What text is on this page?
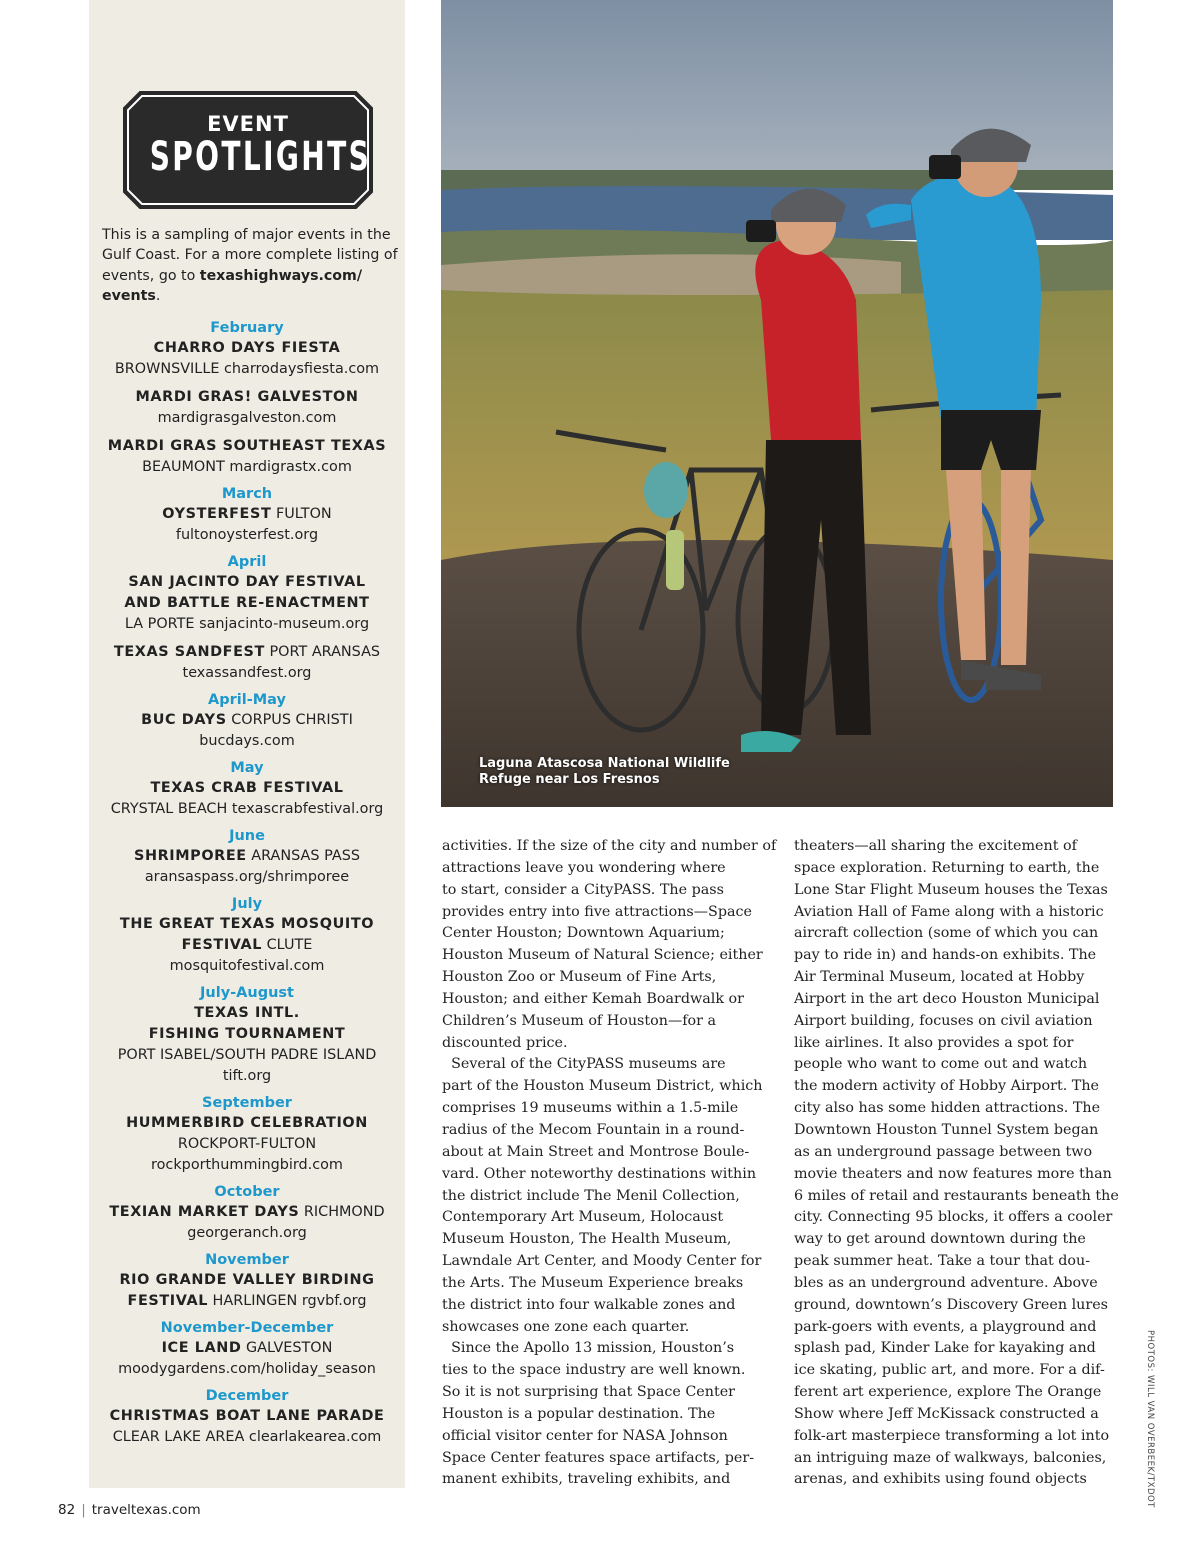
EVENT
SPOTLIGHTS
This is a sampling of major events in the Gulf Coast. For a more complete listing of events, go to texashighways.com/ events.
February
CHARRO DAYS FIESTA
BROWNSVILLE charrodaysfiesta.com
MARDI GRAS! GALVESTON
mardigrasgalveston.com
MARDI GRAS SOUTHEAST TEXAS
BEAUMONT mardigrastx.com
March
OYSTERFEST FULTON
fultonoysterfest.org
April
SAN JACINTO DAY FESTIVAL
AND BATTLE RE-ENACTMENT
LA PORTE sanjacinto-museum.org
TEXAS SANDFEST PORT ARANSAS
texassandfest.org
April-May
BUC DAYS CORPUS CHRISTI
bucdays.com
May
TEXAS CRAB FESTIVAL
CRYSTAL BEACH texascrabfestival.org
June
SHRIMPOREE ARANSAS PASS
aransaspass.org/shrimporee
July
THE GREAT TEXAS MOSQUITO
FESTIVAL CLUTE
mosquitofestival.com
July-August
TEXAS INTL.
FISHING TOURNAMENT
PORT ISABEL/SOUTH PADRE ISLAND
tift.org
September
HUMMERBIRD CELEBRATION
ROCKPORT-FULTON
rockporthummingbird.com
October
TEXIAN MARKET DAYS RICHMOND
georgeranch.org
November
RIO GRANDE VALLEY BIRDING
FESTIVAL HARLINGEN rgvbf.org
November-December
ICE LAND GALVESTON
moodygardens.com/holiday_season
December
CHRISTMAS BOAT LANE PARADE
CLEAR LAKE AREA clearlakearea.com
Laguna Atascosa National Wildlife
Refuge near Los Fresnos

activities. If the size of the city and number of

attractions leave you wondering where

to start, consider a CityPASS. The pass

provides entry into five attractions—Space

Center Houston; Downtown Aquarium;

Houston Museum of Natural Science; either

Houston Zoo or Museum of Fine Arts,

Houston; and either Kemah Boardwalk or

Children’s Museum of Houston—for a

discounted price.

Several of the CityPASS museums are

part of the Houston Museum District, which

comprises 19 museums within a 1.5-mile

radius of the Mecom Fountain in a round-

about at Main Street and Montrose Boule-

vard. Other noteworthy destinations within

the district include The Menil Collection,

Contemporary Art Museum, Holocaust

Museum Houston, The Health Museum,

Lawndale Art Center, and Moody Center for

the Arts. The Museum Experience breaks

the district into four walkable zones and

showcases one zone each quarter.

Since the Apollo 13 mission, Houston’s

ties to the space industry are well known.

So it is not surprising that Space Center

Houston is a popular destination. The

official visitor center for NASA Johnson

Space Center features space artifacts, per-

manent exhibits, traveling exhibits, and

theaters—all sharing the excitement of

space exploration. Returning to earth, the

Lone Star Flight Museum houses the Texas

Aviation Hall of Fame along with a historic

aircraft collection (some of which you can

pay to ride in) and hands-on exhibits. The

Air Terminal Museum, located at Hobby

Airport in the art deco Houston Municipal

Airport building, focuses on civil aviation

like airlines. It also provides a spot for

people who want to come out and watch

the modern activity of Hobby Airport. The

city also has some hidden attractions. The

Downtown Houston Tunnel System began

as an underground passage between two

movie theaters and now features more than

6 miles of retail and restaurants beneath the

city. Connecting 95 blocks, it offers a cooler

way to get around downtown during the

peak summer heat. Take a tour that dou-

bles as an underground adventure. Above

ground, downtown’s Discovery Green lures

park-goers with events, a playground and

splash pad, Kinder Lake for kayaking and

ice skating, public art, and more. For a dif-

ferent art experience, explore The Orange

Show where Jeff McKissack constructed a

folk-art masterpiece transforming a lot into

an intriguing maze of walkways, balconies,

arenas, and exhibits using found objects	PHOTOS: WILL VAN OVERBEEK/TXDOT
82 | traveltexas.com
